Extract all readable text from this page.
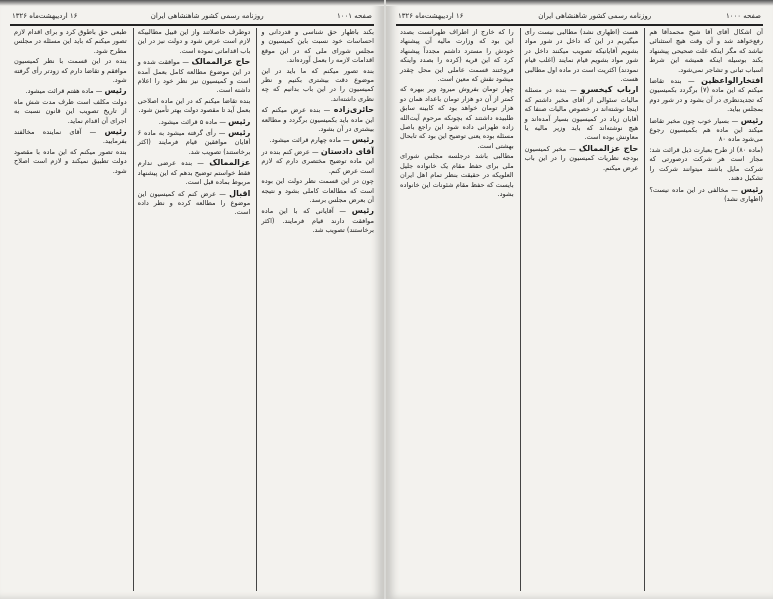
صفحه ۱۰۰۱
روزنامه رسمی کشور شاهنشاهی ایران
۱۶ اردیبهشت‌ماه ۱۳۲۶

بکند باظهار حق شناسی و قدردانی و احساسات خود نسبت باین کمیسیون و مجلس شورای ملی که در این موقع اقدامات لازمه را بعمل آورده‌اند.

بنده تصور میکنم که ما باید در این موضوع دقت بیشتری بکنیم و نظر کمیسیون را در این باب بدانیم که چه نظری داشته‌اند.

حائری‌زاده — بنده عرض میکنم که این ماده باید بکمیسیون برگردد و مطالعه بیشتری در آن بشود.

رئیس — ماده چهارم قرائت میشود.

آقای دادستان — عرض کنم بنده در این ماده توضیح مختصری دارم که لازم است عرض کنم.

چون در این قسمت نظر دولت این بوده است که مطالعات کاملی بشود و نتیجه آن بعرض مجلس برسد.

رئیس — آقایانی که با این ماده موافقت دارند قیام فرمایند. (اکثر برخاستند) تصویب شد.

دوطرف حاصلاتند واز این قبیل مطالبیکه لازم است عرض شود و دولت نیز در این باب اقداماتی نموده است.

حاج عزالممالک — موافقت شده و در این موضوع مطالعه کامل بعمل آمده است و کمیسیون نیز نظر خود را اعلام داشته است.

بنده تقاضا میکنم که در این ماده اصلاحی بعمل آید تا مقصود دولت بهتر تأمین شود.

رئیس — ماده ۵ قرائت میشود.

رئیس — رأی گرفته میشود به ماده ۶ آقایان موافقین قیام فرمایند (اکثر برخاستند) تصویب شد.

عزالممالک — بنده عرضی ندارم فقط خواستم توضیح بدهم که این پیشنهاد مربوط بماده قبل است.

اقبال — عرض کنم که کمیسیون این موضوع را مطالعه کرده و نظر داده است.

طبعی حق باطوق کرد و برای اقدام لازم تصور میکنم که باید این مسئله در مجلس مطرح شود.

بنده در این قسمت با نظر کمیسیون موافقم و تقاضا دارم که زودتر رأی گرفته شود.

رئیس — ماده هفتم قرائت میشود.

دولت مکلف است ظرف مدت شش ماه از تاریخ تصویب این قانون نسبت به اجرای آن اقدام نماید.

رئیس — آقای نماینده مخالفند بفرمایید.

بنده تصور میکنم که این ماده با مقصود دولت تطبیق نمیکند و لازم است اصلاح شود.

صفحه ۱۰۰۰
روزنامه رسمی کشور شاهنشاهی ایران
۱۶ اردیبهشت‌ماه ۱۳۲۶

آن اشکال آقای آقا شیخ محمدآقا هم رفع‌خواهد شد و آن وقت هیچ استثنائی نباشد که مگر اینکه علت صحیحی پیشنهاد بکند بوسیله اینکه همیشه این شرط اسباب تبانی و تشاجر نمی‌شود.

افتخارالواعظین — بنده تقاضا میکنم که این ماده (۷) برگردد بکمیسیون که تجدیدنظری در آن بشود و در شور دوم بمجلس بیاید.

رئیس — بسیار خوب چون مخبر تقاضا میکند این ماده هم بکمیسیون رجوع می‌شود ماده ۸۰

(ماده ۸۰) از طرح بعبارت ذیل قرائت شد: مجاز است هر شرکت درصورتی که شرکت مایل باشند میتوانند شرکت را تشکیل دهند.

رئیس — مخالفی در این ماده نیست؟ (اظهاری نشد)

هست (اظهاری نشد) مطالبی نیست رأی میگیریم در این که داخل در شور مواد بشویم آقایانیکه تصویب میکنند داخل در شور مواد بشویم قیام نمایند (اغلب قیام نمودند) اکثریت است در ماده اول مطالبی هست.

ارباب کیخسرو — بنده در مسئله مالیات سئوالی از آقای مخبر داشتم که اینجا نوشته‌اند در خصوص مالیات صنفا که آقایان زیاد در کمیسیون بسیار آمده‌اند و هیچ نوشته‌اند که باید وزیر مالیه یا معاونش بوده است.

حاج عزالممالک — مخبر کمیسیون بودجه نظریات کمیسیون را در این باب عرض میکنم.

را که خارج از اطراف طهرانست بصدد این بود که وزارت مالیه آن پیشنهاد خودش را مسترد داشتم مجدداً پیشنهاد کرد که این قریه (کرده را بصدد واینکه فروختند قسمت عاملی این محل چقدر میشود نقش که معین است.

چهار تومان بفروش میرود ویر بیهره که کمتر از آن دو هزار تومان باعداد همان دو هزار تومان خواهد بود که کابینه سابق طلبیده داشتند که بچونکه مرحوم آیت‌الله زاده طهرانی داده شود این راجع باصل مسئله بوده یعنی توضیح این بود که تابحال بهشتی است.

مطالبی باشد درجلسه مجلس شورای ملی برای حفظ مقام یک خانواده جلیل العلویکه در حقیقت بنظر تمام اهل ایران بایست که حفظ مقام شئونات این خانواده بشود.
